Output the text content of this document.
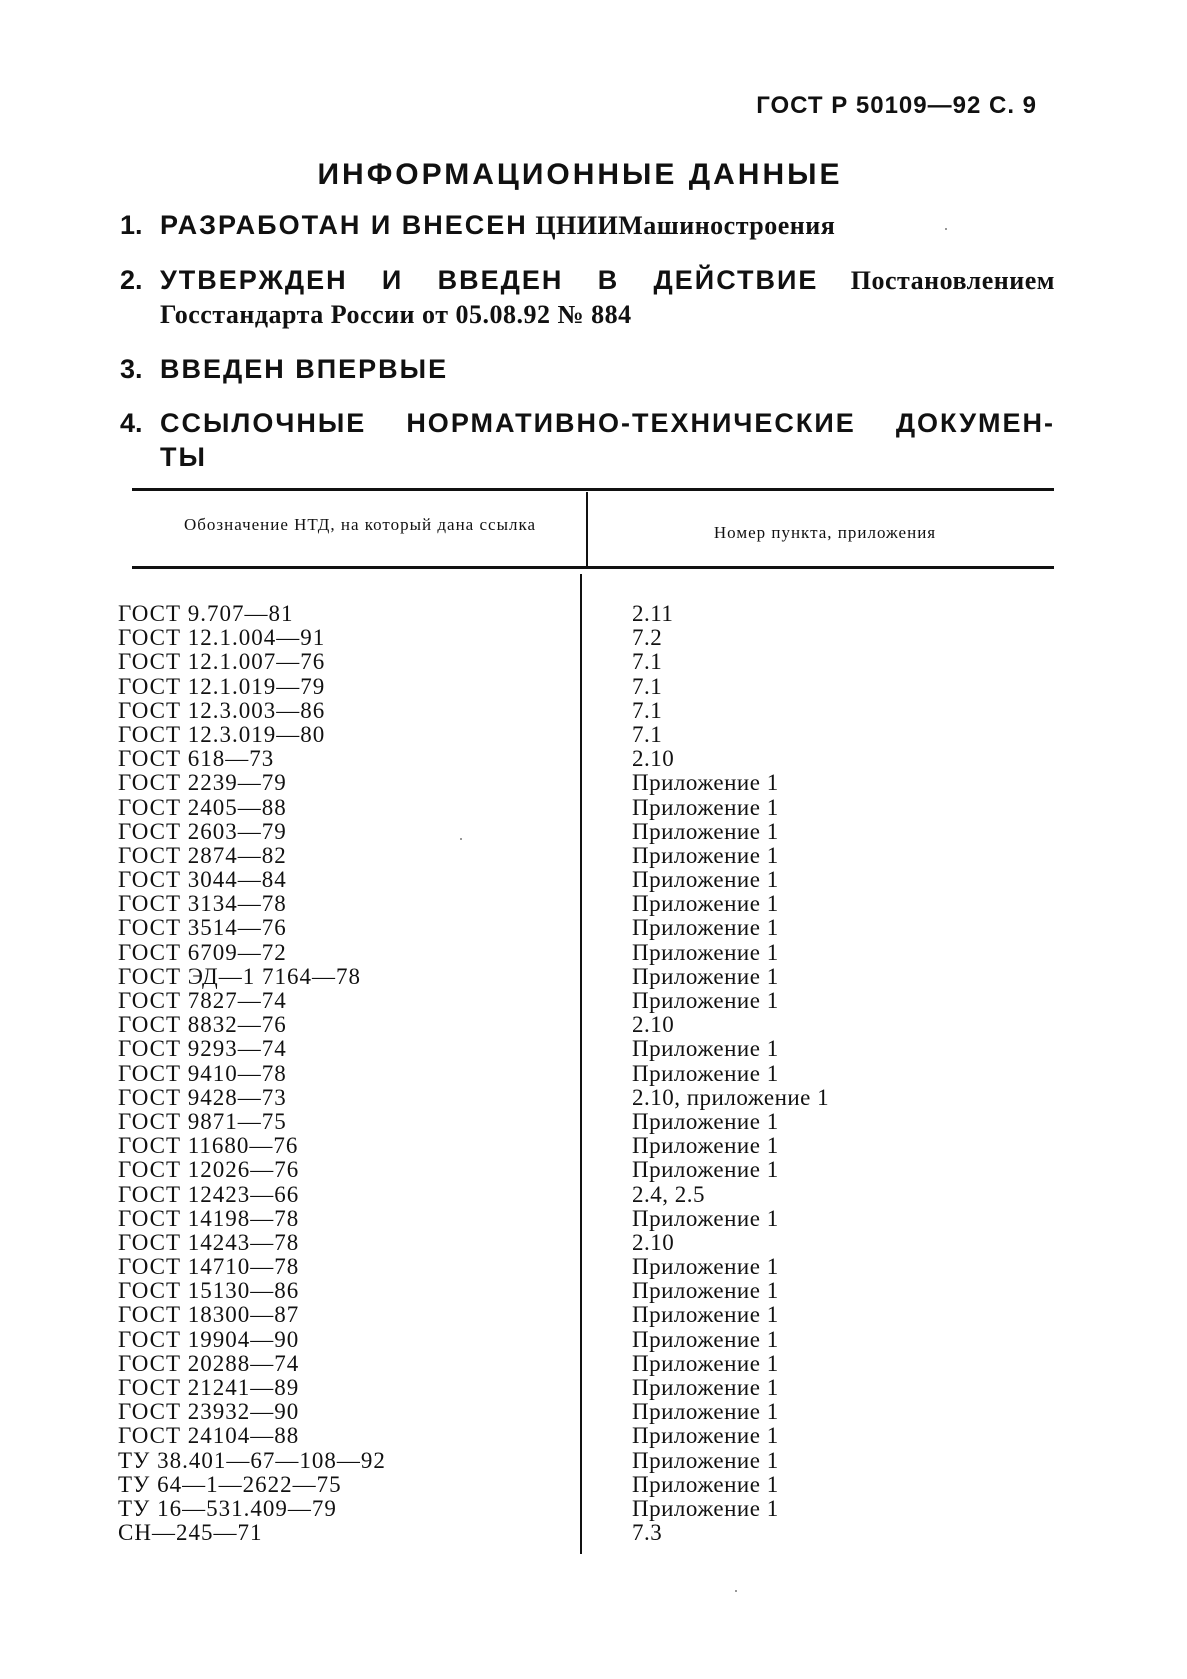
ГОСТ Р 50109—92 С. 9
ИНФОРМАЦИОННЫЕ ДАННЫЕ
1. РАЗРАБОТАН И ВНЕСЕН ЦНИИМашиностроения
2. УТВЕРЖДЕН И ВВЕДЕН В ДЕЙСТВИЕ Постановлением
Госстандарта России от 05.08.92 № 884
3. ВВЕДЕН ВПЕРВЫЕ
4. ССЫЛОЧНЫЕ НОРМАТИВНО-ТЕХНИЧЕСКИЕ ДОКУМЕН-
ТЫ
Обозначение НТД, на который дана ссылка	Номер пункта, приложения
ГОСТ 9.707—81	2.11
ГОСТ 12.1.004—91	7.2
ГОСТ 12.1.007—76	7.1
ГОСТ 12.1.019—79	7.1
ГОСТ 12.3.003—86	7.1
ГОСТ 12.3.019—80	7.1
ГОСТ 618—73	2.10
ГОСТ 2239—79	Приложение 1
ГОСТ 2405—88	Приложение 1
ГОСТ 2603—79	Приложение 1
ГОСТ 2874—82	Приложение 1
ГОСТ 3044—84	Приложение 1
ГОСТ 3134—78	Приложение 1
ГОСТ 3514—76	Приложение 1
ГОСТ 6709—72	Приложение 1
ГОСТ ЭД—1 7164—78	Приложение 1
ГОСТ 7827—74	Приложение 1
ГОСТ 8832—76	2.10
ГОСТ 9293—74	Приложение 1
ГОСТ 9410—78	Приложение 1
ГОСТ 9428—73	2.10, приложение 1
ГОСТ 9871—75	Приложение 1
ГОСТ 11680—76	Приложение 1
ГОСТ 12026—76	Приложение 1
ГОСТ 12423—66	2.4, 2.5
ГОСТ 14198—78	Приложение 1
ГОСТ 14243—78	2.10
ГОСТ 14710—78	Приложение 1
ГОСТ 15130—86	Приложение 1
ГОСТ 18300—87	Приложение 1
ГОСТ 19904—90	Приложение 1
ГОСТ 20288—74	Приложение 1
ГОСТ 21241—89	Приложение 1
ГОСТ 23932—90	Приложение 1
ГОСТ 24104—88	Приложение 1
ТУ 38.401—67—108—92	Приложение 1
ТУ 64—1—2622—75	Приложение 1
ТУ 16—531.409—79	Приложение 1
СН—245—71	7.3
